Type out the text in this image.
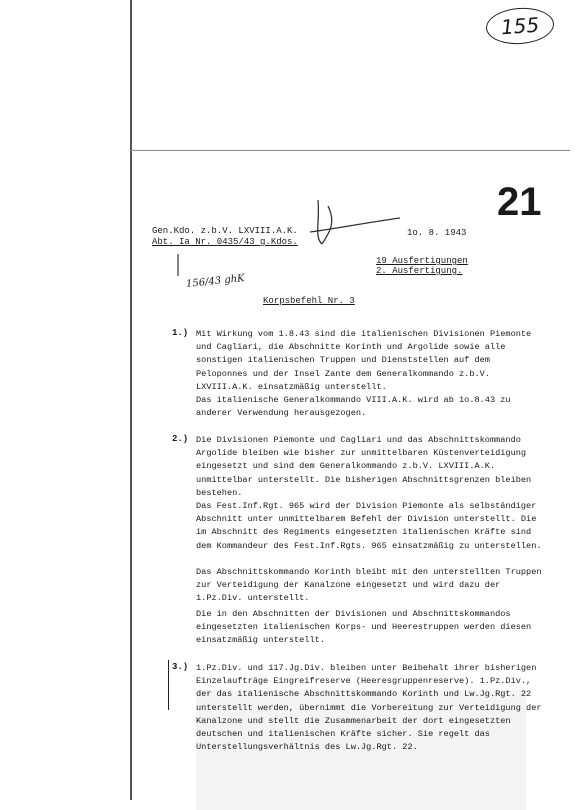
155
21
Gen.Kdo. z.b.V. LXVIII.A.K.
Abt. Ia Nr. 0435/43 g.Kdos.
1o. 8. 1943
19 Ausfertigungen
2. Ausfertigung.
156/43 ghK
Korpsbefehl Nr. 3
1.) Mit Wirkung vom 1.8.43 sind die italienischen Divisionen Piemonte und Cagliari, die Abschnitte Korinth und Argolide sowie alle sonstigen italienischen Truppen und Dienststellen auf dem Peloponnes und der Insel Zante dem Generalkommando z.b.V. LXVIII.A.K. einsatzmäßig unterstellt.
Das italienische Generalkommando VIII.A.K. wird ab 1o.8.43 zu anderer Verwendung herausgezogen.
2.) Die Divisionen Piemonte und Cagliari und das Abschnittskommando Argolide bleiben wie bisher zur unmittelbaren Küstenverteidigung eingesetzt und sind dem Generalkommando z.b.V. LXVIII.A.K. unmittelbar unterstellt. Die bisherigen Abschnittsgrenzen bleiben bestehen.
Das Fest.Inf.Rgt. 965 wird der Division Piemonte als selbständiger Abschnitt unter unmittelbarem Befehl der Division unterstellt. Die im Abschnitt des Regiments eingesetzten italienischen Kräfte sind dem Kommandeur des Fest.Inf.Rgts. 965 einsatzmäßig zu unterstellen.
Das Abschnittskommando Korinth bleibt mit den unterstellten Truppen zur Verteidigung der Kanalzone eingesetzt und wird dazu der 1.Pz.Div. unterstellt.
Die in den Abschnitten der Divisionen und Abschnittskommandos eingesetzten italienischen Korps- und Heerestruppen werden diesen einsatzmäßig unterstellt.
3.) 1.Pz.Div. und 117.Jg.Div. bleiben unter Beibehalt ihrer bisherigen Einzelaufträge Eingreifreserve (Heeresgruppenreserve). 1.Pz.Div., der das italienische Abschnittskommando Korinth und Lw.Jg.Rgt. 22 unterstellt werden, übernimmt die Vorbereitung zur Verteidigung der Kanalzone und stellt die Zusammenarbeit der dort eingesetzten deutschen und italienischen Kräfte sicher. Sie regelt das Unterstellungsverhältnis des Lw.Jg.Rgt. 22.
